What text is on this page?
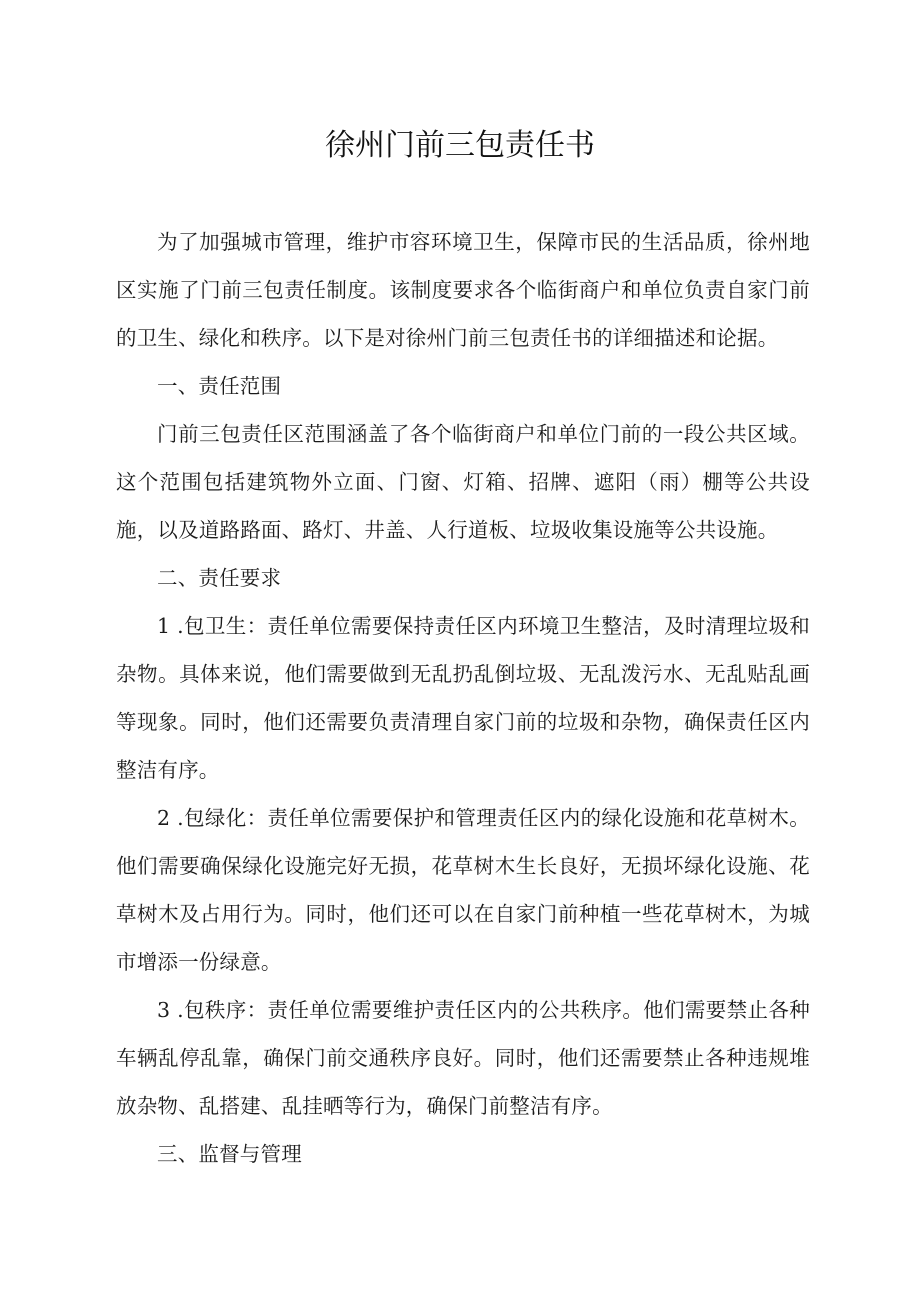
徐州门前三包责任书

为了加强城市管理，维护市容环境卫生，保障市民的生活品质，徐州地区实施了门前三包责任制度。该制度要求各个临街商户和单位负责自家门前的卫生、绿化和秩序。以下是对徐州门前三包责任书的详细描述和论据。

一、责任范围

门前三包责任区范围涵盖了各个临街商户和单位门前的一段公共区域。这个范围包括建筑物外立面、门窗、灯箱、招牌、遮阳（雨）棚等公共设施，以及道路路面、路灯、井盖、人行道板、垃圾收集设施等公共设施。

二、责任要求

1 .包卫生：责任单位需要保持责任区内环境卫生整洁，及时清理垃圾和杂物。具体来说，他们需要做到无乱扔乱倒垃圾、无乱泼污水、无乱贴乱画等现象。同时，他们还需要负责清理自家门前的垃圾和杂物，确保责任区内整洁有序。

2 .包绿化：责任单位需要保护和管理责任区内的绿化设施和花草树木。他们需要确保绿化设施完好无损，花草树木生长良好，无损坏绿化设施、花草树木及占用行为。同时，他们还可以在自家门前种植一些花草树木，为城市增添一份绿意。

3 .包秩序：责任单位需要维护责任区内的公共秩序。他们需要禁止各种车辆乱停乱靠，确保门前交通秩序良好。同时，他们还需要禁止各种违规堆放杂物、乱搭建、乱挂晒等行为，确保门前整洁有序。

三、监督与管理
